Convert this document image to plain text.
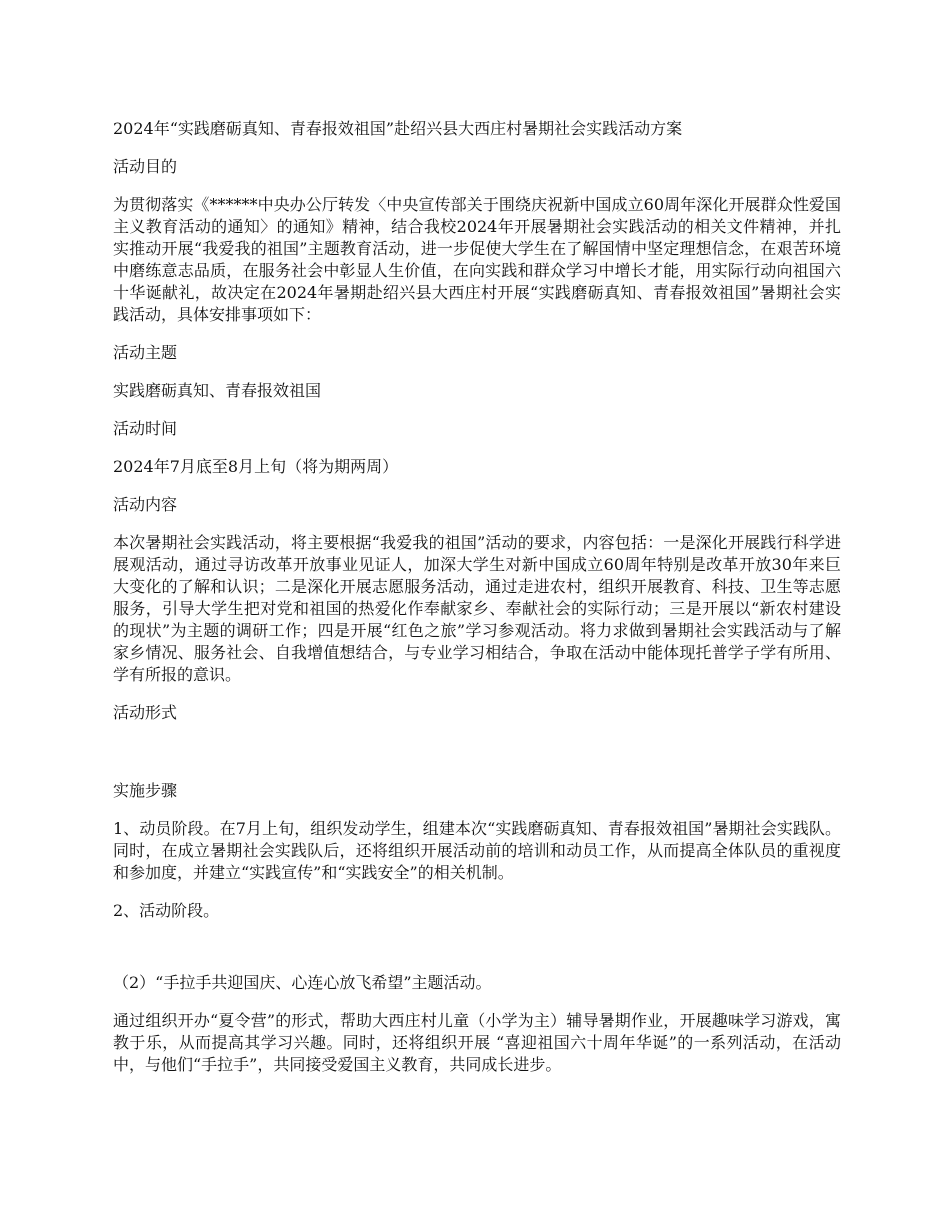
2024年“实践磨砺真知、青春报效祖国”赴绍兴县大西庄村暑期社会实践活动方案

活动目的

为贯彻落实《******中央办公厅转发〈中央宣传部关于围绕庆祝新中国成立60周年深化开展群众性爱国主义教育活动的通知〉的通知》精神，结合我校2024年开展暑期社会实践活动的相关文件精神，并扎实推动开展“我爱我的祖国”主题教育活动，进一步促使大学生在了解国情中坚定理想信念，在艰苦环境中磨练意志品质，在服务社会中彰显人生价值，在向实践和群众学习中增长才能，用实际行动向祖国六十华诞献礼，故决定在2024年暑期赴绍兴县大西庄村开展“实践磨砺真知、青春报效祖国”暑期社会实践活动，具体安排事项如下：

活动主题

实践磨砺真知、青春报效祖国

活动时间

2024年7月底至8月上旬（将为期两周）

活动内容

本次暑期社会实践活动，将主要根据“我爱我的祖国”活动的要求，内容包括：一是深化开展践行科学进展观活动，通过寻访改革开放事业见证人，加深大学生对新中国成立60周年特别是改革开放30年来巨大变化的了解和认识；二是深化开展志愿服务活动，通过走进农村，组织开展教育、科技、卫生等志愿服务，引导大学生把对党和祖国的热爱化作奉献家乡、奉献社会的实际行动；三是开展以“新农村建设的现状”为主题的调研工作；四是开展“红色之旅”学习参观活动。将力求做到暑期社会实践活动与了解家乡情况、服务社会、自我增值想结合，与专业学习相结合，争取在活动中能体现托普学子学有所用、学有所报的意识。

活动形式

实施步骤

1、动员阶段。在7月上旬，组织发动学生，组建本次“实践磨砺真知、青春报效祖国”暑期社会实践队。同时，在成立暑期社会实践队后，还将组织开展活动前的培训和动员工作，从而提高全体队员的重视度和参加度，并建立“实践宣传”和“实践安全”的相关机制。

2、活动阶段。

（2）“手拉手共迎国庆、心连心放飞希望”主题活动。

通过组织开办“夏令营”的形式，帮助大西庄村儿童（小学为主）辅导暑期作业，开展趣味学习游戏，寓教于乐，从而提高其学习兴趣。同时，还将组织开展 “喜迎祖国六十周年华诞”的一系列活动，在活动中，与他们“手拉手”，共同接受爱国主义教育，共同成长进步。
